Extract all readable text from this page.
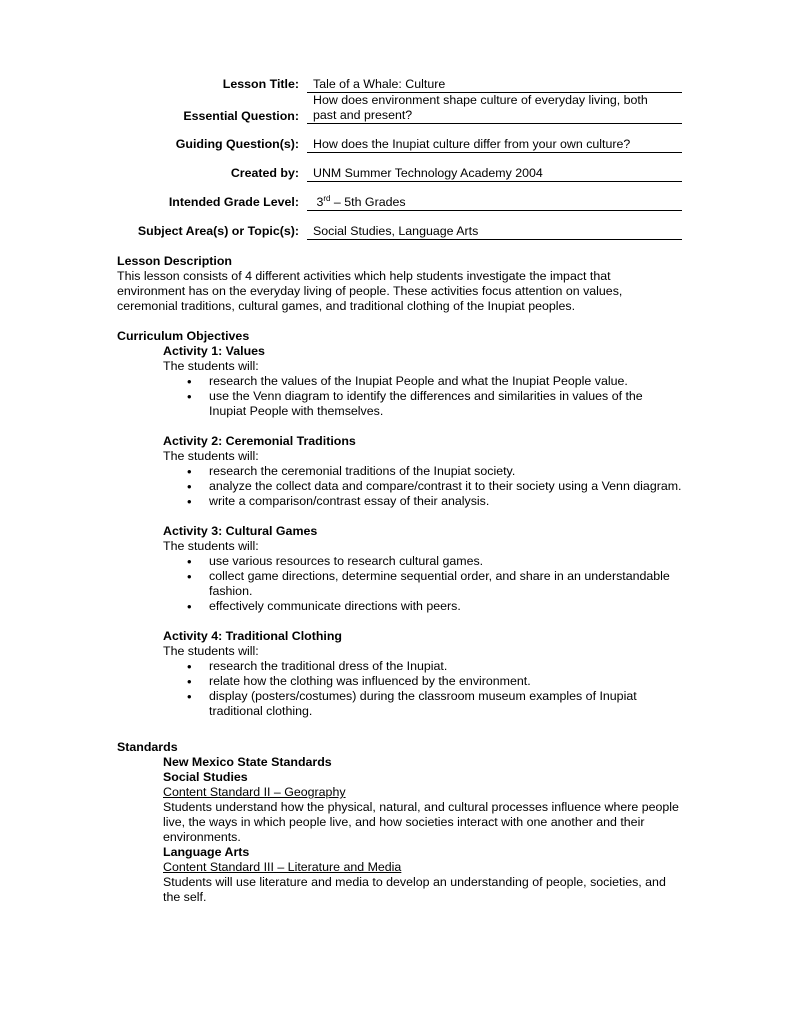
Lesson Title:	Tale of a Whale: Culture
Essential Question:
How does environment shape culture of everyday living, both
past and present?
Guiding Question(s):	How does the Inupiat culture differ from your own culture?
Created by:	UNM Summer Technology Academy 2004
Intended Grade Level:	3rd – 5th Grades
Subject Area(s) or Topic(s):	Social Studies, Language Arts
Lesson Description
This lesson consists of 4 different activities which help students investigate the impact that
environment has on the everyday living of people. These activities focus attention on values,
ceremonial traditions, cultural games, and traditional clothing of the Inupiat peoples.
Curriculum Objectives
Activity 1: Values
The students will:
• research the values of the Inupiat People and what the Inupiat People value.
• use the Venn diagram to identify the differences and similarities in values of the
Inupiat People with themselves.
Activity 2: Ceremonial Traditions
The students will:
• research the ceremonial traditions of the Inupiat society.
• analyze the collect data and compare/contrast it to their society using a Venn diagram.
• write a comparison/contrast essay of their analysis.
Activity 3: Cultural Games
The students will:
• use various resources to research cultural games.
• collect game directions, determine sequential order, and share in an understandable
fashion.
• effectively communicate directions with peers.
Activity 4: Traditional Clothing
The students will:
• research the traditional dress of the Inupiat.
• relate how the clothing was influenced by the environment.
• display (posters/costumes) during the classroom museum examples of Inupiat
traditional clothing.
Standards
New Mexico State Standards
Social Studies
Content Standard II – Geography
Students understand how the physical, natural, and cultural processes influence where people
live, the ways in which people live, and how societies interact with one another and their
environments.
Language Arts
Content Standard III – Literature and Media
Students will use literature and media to develop an understanding of people, societies, and
the self.
